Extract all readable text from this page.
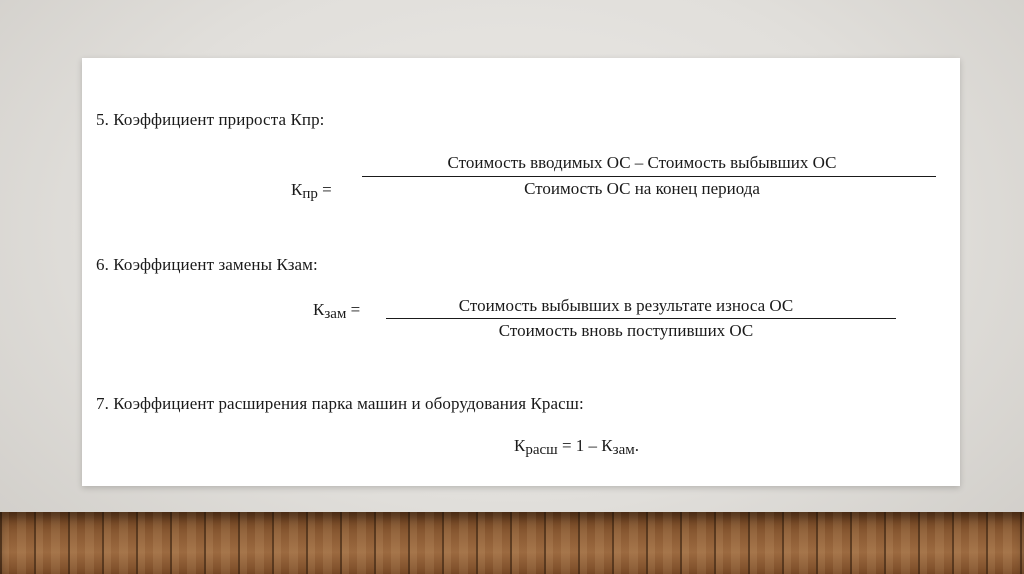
5. Коэффициент прироста Кпр:
Кпр =
Стоимость вводимых ОС – Стоимость выбывших ОС
Стоимость ОС на конец периода
6. Коэффициент замены Кзам:
Кзам =	Стоимость выбывших в результате износа ОС
Стоимость вновь поступивших ОС
7. Коэффициент расширения парка машин и оборудования Красш:
Красш = 1 – Кзам.
